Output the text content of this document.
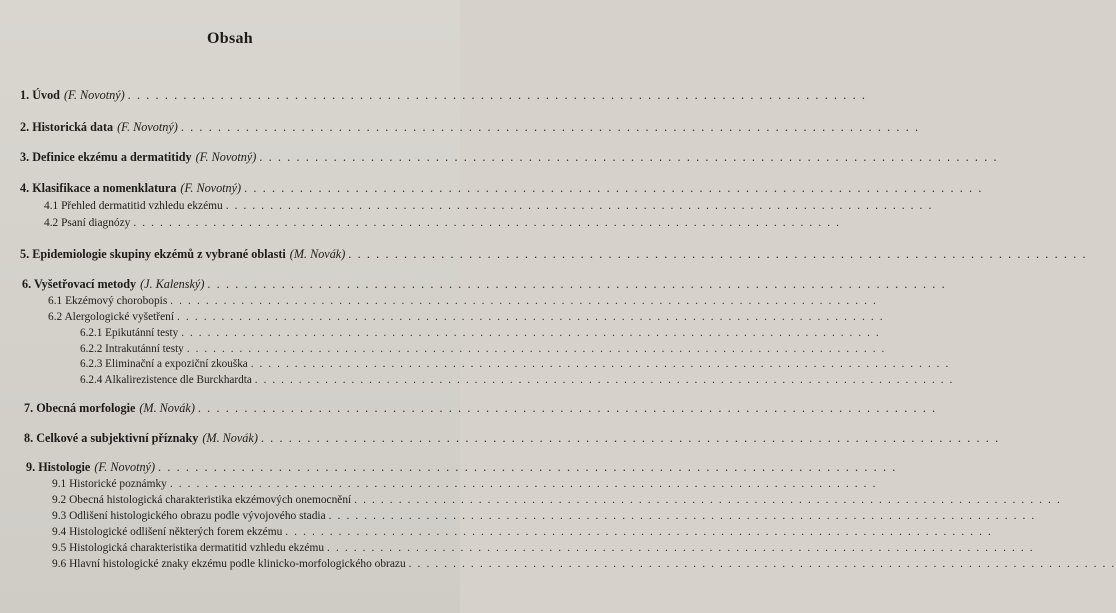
Obsah
1. Úvod (F. Novotný) . . . . . . . . . . . . . . . . . . . . . . . . . . . . . . . . . . . . . . . . . . . . . . . . . . . . . . . . . . . . . . . . . . . . . . . . . . . . . . . .
2. Historická data (F. Novotný) . . . . . . . . . . . . . . . . . . . . . . . . . . . . . . . . . . . . . . . . . . . . . . . . . . . . . . . . . . . . . . . . . . . . . . . . . . . . . . . .
3. Definice ekzému a dermatitidy (F. Novotný) . . . . . . . . . . . . . . . . . . . . . . . . . . . . . . . . . . . . . . . . . . . . . . . . . . . . . . . . . . . . . . . . . . . . . . . . . . . . . . . .
4. Klasifikace a nomenklatura (F. Novotný) . . . . . . . . . . . . . . . . . . . . . . . . . . . . . . . . . . . . . . . . . . . . . . . . . . . . . . . . . . . . . . . . . . . . . . . . . . . . . . . .
4.1 Přehled dermatitid vzhledu ekzému . . . . . . . . . . . . . . . . . . . . . . . . . . . . . . . . . . . . . . . . . . . . . . . . . . . . . . . . . . . . . . . . . . . . . . . . . . . . . . . .
4.2 Psaní diagnózy . . . . . . . . . . . . . . . . . . . . . . . . . . . . . . . . . . . . . . . . . . . . . . . . . . . . . . . . . . . . . . . . . . . . . . . . . . . . . . . .
5. Epidemiologie skupiny ekzémů z vybrané oblasti (M. Novák) . . . . . . . . . . . . . . . . . . . . . . . . . . . . . . . . . . . . . . . . . . . . . . . . . . . . . . . . . . . . . . . . . . . . . . . . . . . . . . . .
6. Vyšetřovací metody (J. Kalenský) . . . . . . . . . . . . . . . . . . . . . . . . . . . . . . . . . . . . . . . . . . . . . . . . . . . . . . . . . . . . . . . . . . . . . . . . . . . . . . . .
6.1 Ekzémový chorobopis . . . . . . . . . . . . . . . . . . . . . . . . . . . . . . . . . . . . . . . . . . . . . . . . . . . . . . . . . . . . . . . . . . . . . . . . . . . . . . . .
6.2 Alergologické vyšetření . . . . . . . . . . . . . . . . . . . . . . . . . . . . . . . . . . . . . . . . . . . . . . . . . . . . . . . . . . . . . . . . . . . . . . . . . . . . . . . .
6.2.1 Epikutánní testy . . . . . . . . . . . . . . . . . . . . . . . . . . . . . . . . . . . . . . . . . . . . . . . . . . . . . . . . . . . . . . . . . . . . . . . . . . . . . . . .
6.2.2 Intrakutánní testy . . . . . . . . . . . . . . . . . . . . . . . . . . . . . . . . . . . . . . . . . . . . . . . . . . . . . . . . . . . . . . . . . . . . . . . . . . . . . . . .
6.2.3 Eliminační a expoziční zkouška . . . . . . . . . . . . . . . . . . . . . . . . . . . . . . . . . . . . . . . . . . . . . . . . . . . . . . . . . . . . . . . . . . . . . . . . . . . . . . . .
6.2.4 Alkalirezistence dle Burckhardta . . . . . . . . . . . . . . . . . . . . . . . . . . . . . . . . . . . . . . . . . . . . . . . . . . . . . . . . . . . . . . . . . . . . . . . . . . . . . . . .
7. Obecná morfologie (M. Novák) . . . . . . . . . . . . . . . . . . . . . . . . . . . . . . . . . . . . . . . . . . . . . . . . . . . . . . . . . . . . . . . . . . . . . . . . . . . . . . . .
8. Celkové a subjektivní příznaky (M. Novák) . . . . . . . . . . . . . . . . . . . . . . . . . . . . . . . . . . . . . . . . . . . . . . . . . . . . . . . . . . . . . . . . . . . . . . . . . . . . . . . .
9. Histologie (F. Novotný) . . . . . . . . . . . . . . . . . . . . . . . . . . . . . . . . . . . . . . . . . . . . . . . . . . . . . . . . . . . . . . . . . . . . . . . . . . . . . . . .
9.1 Historické poznámky . . . . . . . . . . . . . . . . . . . . . . . . . . . . . . . . . . . . . . . . . . . . . . . . . . . . . . . . . . . . . . . . . . . . . . . . . . . . . . . .
9.2 Obecná histologická charakteristika ekzémových onemocnění . . . . . . . . . . . . . . . . . . . . . . . . . . . . . . . . . . . . . . . . . . . . . . . . . . . . . . . . . . . . . . . . . . . . . . . . . . . . . . . .
9.3 Odlišení histologického obrazu podle vývojového stadia . . . . . . . . . . . . . . . . . . . . . . . . . . . . . . . . . . . . . . . . . . . . . . . . . . . . . . . . . . . . . . . . . . . . . . . . . . . . . . . .
9.4 Histologické odlišení některých forem ekzému . . . . . . . . . . . . . . . . . . . . . . . . . . . . . . . . . . . . . . . . . . . . . . . . . . . . . . . . . . . . . . . . . . . . . . . . . . . . . . . .
9.5 Histologická charakteristika dermatitid vzhledu ekzému . . . . . . . . . . . . . . . . . . . . . . . . . . . . . . . . . . . . . . . . . . . . . . . . . . . . . . . . . . . . . . . . . . . . . . . . . . . . . . . .
9.6 Hlavní histologické znaky ekzému podle klinicko-morfologického obrazu . . . . . . . . . . . . . . . . . . . . . . . . . . . . . . . . . . . . . . . . . . . . . . . . . . . . . . . . . . . . . . . . . . . . . . . . . . . . . . . .
